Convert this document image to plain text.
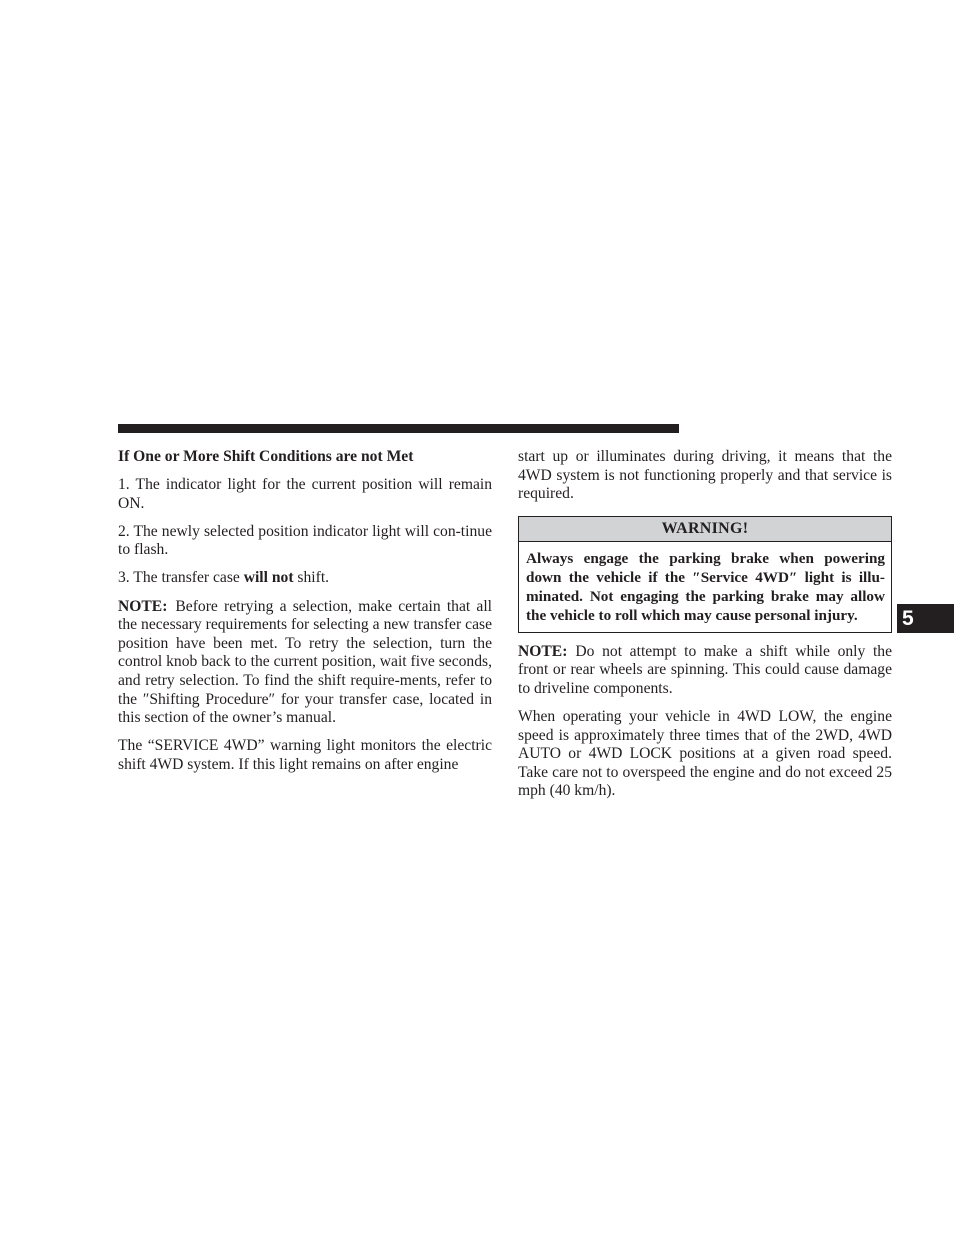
If One or More Shift Conditions are not Met

1. The indicator light for the current position will remain ON.

2. The newly selected position indicator light will con-tinue to flash.

3. The transfer case will not shift.

NOTE: Before retrying a selection, make certain that all the necessary requirements for selecting a new transfer case position have been met. To retry the selection, turn the control knob back to the current position, wait five seconds, and retry selection. To find the shift require-ments, refer to the ″Shifting Procedure″ for your transfer case, located in this section of the owner’s manual.

The “SERVICE 4WD” warning light monitors the electric shift 4WD system. If this light remains on after engine

start up or illuminates during driving, it means that the 4WD system is not functioning properly and that service is required.

WARNING!
Always engage the parking brake when powering down the vehicle if the ″Service 4WD″ light is illu-minated. Not engaging the parking brake may allow the vehicle to roll which may cause personal injury.

NOTE: Do not attempt to make a shift while only the front or rear wheels are spinning. This could cause damage to driveline components.

When operating your vehicle in 4WD LOW, the engine speed is approximately three times that of the 2WD, 4WD AUTO or 4WD LOCK positions at a given road speed. Take care not to overspeed the engine and do not exceed 25 mph (40 km/h).

5
